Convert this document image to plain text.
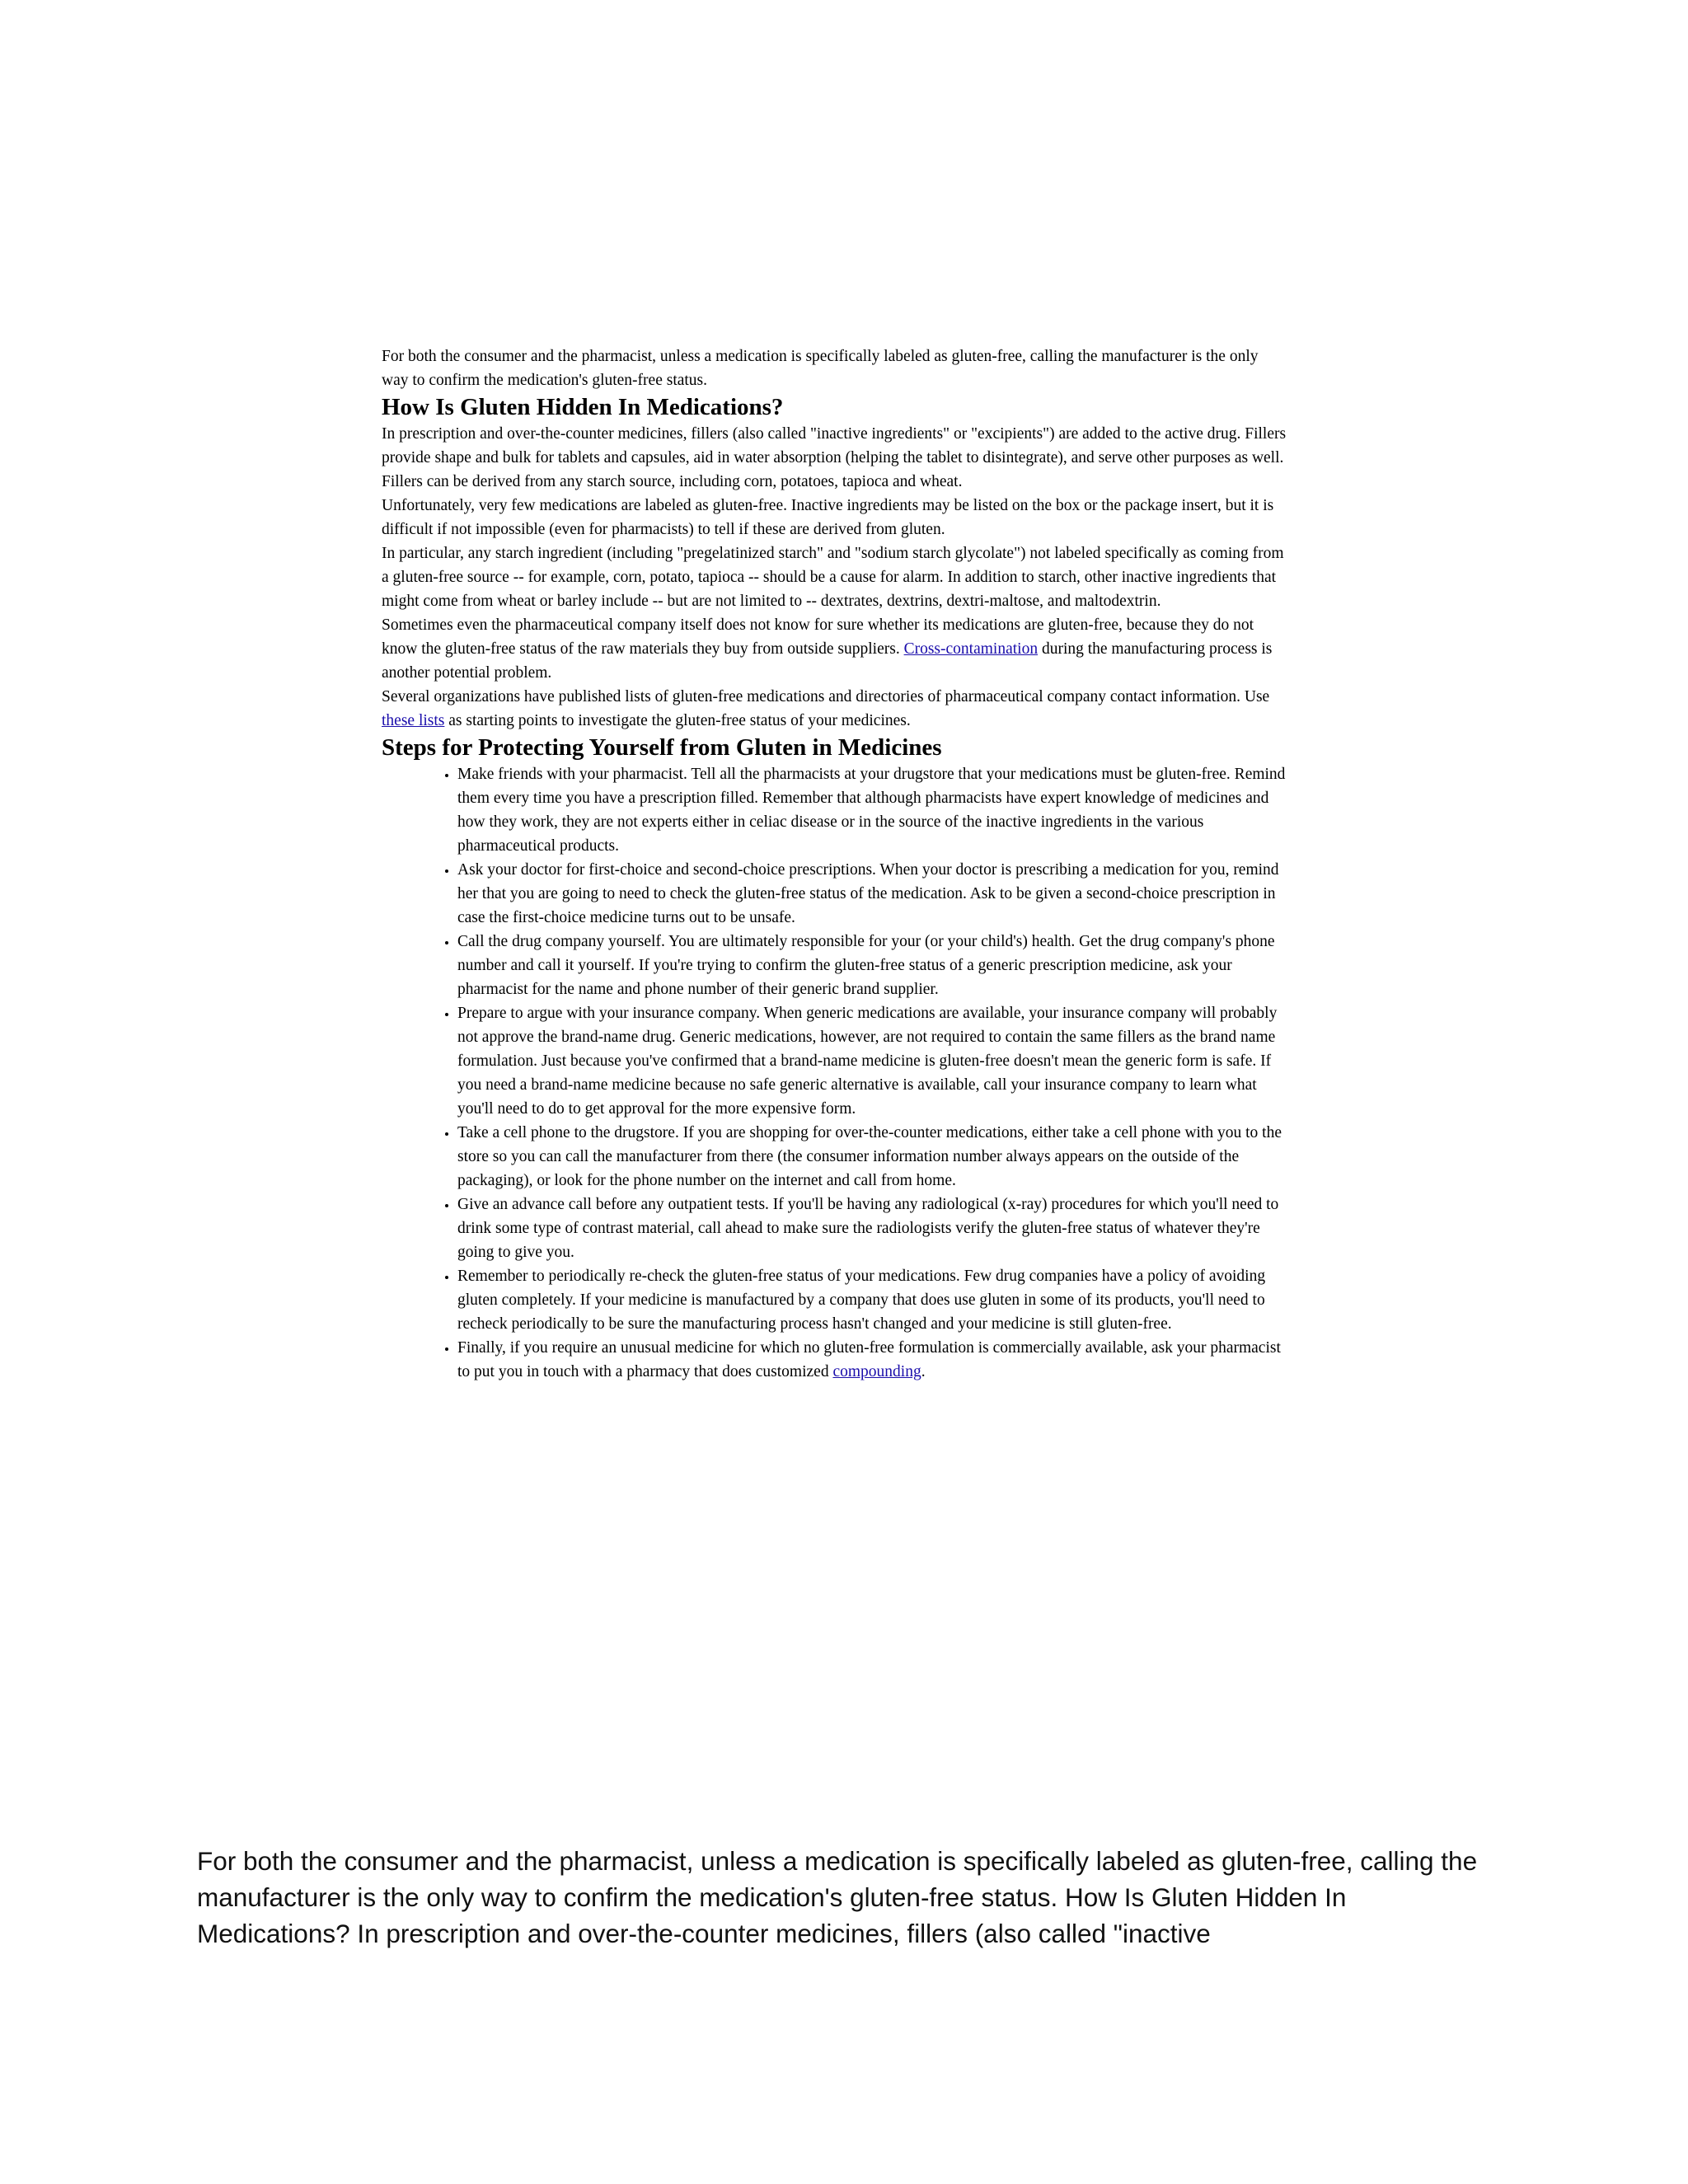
For both the consumer and the pharmacist, unless a medication is specifically labeled as gluten-free, calling the manufacturer is the only way to confirm the medication's gluten-free status.

How Is Gluten Hidden In Medications?

In prescription and over-the-counter medicines, fillers (also called "inactive ingredients" or "excipients") are added to the active drug. Fillers provide shape and bulk for tablets and capsules, aid in water absorption (helping the tablet to disintegrate), and serve other purposes as well. Fillers can be derived from any starch source, including corn, potatoes, tapioca and wheat.

Unfortunately, very few medications are labeled as gluten-free. Inactive ingredients may be listed on the box or the package insert, but it is difficult if not impossible (even for pharmacists) to tell if these are derived from gluten.

In particular, any starch ingredient (including "pregelatinized starch" and "sodium starch glycolate") not labeled specifically as coming from a gluten-free source -- for example, corn, potato, tapioca -- should be a cause for alarm. In addition to starch, other inactive ingredients that might come from wheat or barley include -- but are not limited to -- dextrates, dextrins, dextri-maltose, and maltodextrin.

Sometimes even the pharmaceutical company itself does not know for sure whether its medications are gluten-free, because they do not know the gluten-free status of the raw materials they buy from outside suppliers. Cross-contamination during the manufacturing process is another potential problem.

Several organizations have published lists of gluten-free medications and directories of pharmaceutical company contact information. Use these lists as starting points to investigate the gluten-free status of your medicines.

Steps for Protecting Yourself from Gluten in Medicines
• Make friends with your pharmacist. Tell all the pharmacists at your drugstore that your medications must be gluten-free. Remind them every time you have a prescription filled. Remember that although pharmacists have expert knowledge of medicines and how they work, they are not experts either in celiac disease or in the source of the inactive ingredients in the various pharmaceutical products.
• Ask your doctor for first-choice and second-choice prescriptions. When your doctor is prescribing a medication for you, remind her that you are going to need to check the gluten-free status of the medication. Ask to be given a second-choice prescription in case the first-choice medicine turns out to be unsafe.
• Call the drug company yourself. You are ultimately responsible for your (or your child's) health. Get the drug company's phone number and call it yourself. If you're trying to confirm the gluten-free status of a generic prescription medicine, ask your pharmacist for the name and phone number of their generic brand supplier.
• Prepare to argue with your insurance company. When generic medications are available, your insurance company will probably not approve the brand-name drug. Generic medications, however, are not required to contain the same fillers as the brand name formulation. Just because you've confirmed that a brand-name medicine is gluten-free doesn't mean the generic form is safe. If you need a brand-name medicine because no safe generic alternative is available, call your insurance company to learn what you'll need to do to get approval for the more expensive form.
• Take a cell phone to the drugstore. If you are shopping for over-the-counter medications, either take a cell phone with you to the store so you can call the manufacturer from there (the consumer information number always appears on the outside of the packaging), or look for the phone number on the internet and call from home.
• Give an advance call before any outpatient tests. If you'll be having any radiological (x-ray) procedures for which you'll need to drink some type of contrast material, call ahead to make sure the radiologists verify the gluten-free status of whatever they're going to give you.
• Remember to periodically re-check the gluten-free status of your medications. Few drug companies have a policy of avoiding gluten completely. If your medicine is manufactured by a company that does use gluten in some of its products, you'll need to recheck periodically to be sure the manufacturing process hasn't changed and your medicine is still gluten-free.
• Finally, if you require an unusual medicine for which no gluten-free formulation is commercially available, ask your pharmacist to put you in touch with a pharmacy that does customized compounding.
For both the consumer and the pharmacist, unless a medication is specifically labeled as gluten-free, calling the manufacturer is the only way to confirm the medication's gluten-free status. How Is Gluten Hidden In Medications? In prescription and over-the-counter medicines, fillers (also called "inactive
